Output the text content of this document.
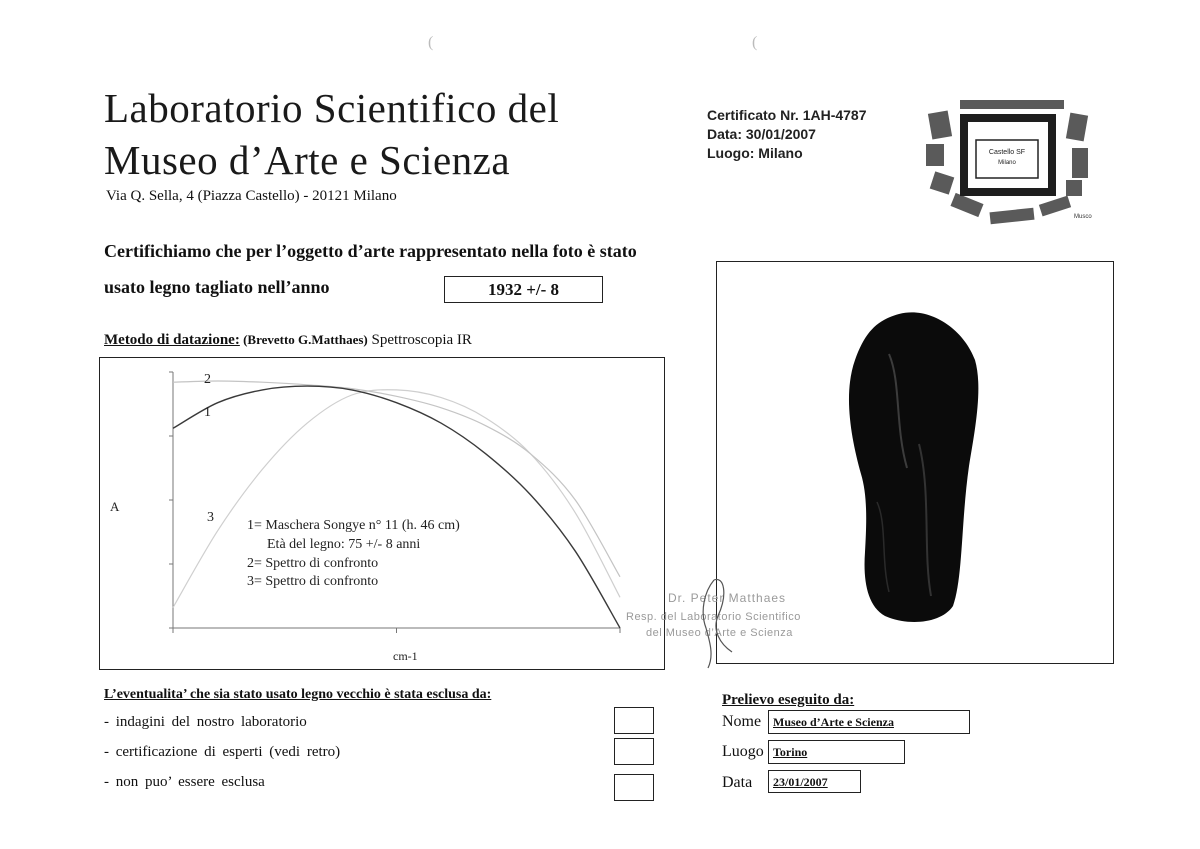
(	(
Laboratorio Scientifico del
Museo d’Arte e Scienza
Via Q. Sella, 4 (Piazza Castello) - 20121 Milano
Certificato Nr. 1AH-4787
Data: 30/01/2007
Luogo: Milano	Castello SF
Milano
Musco
Certifichiamo che per l’oggetto d’arte rappresentato nella foto è stato
usato legno tagliato nell’anno	1932 +/- 8
Metodo di datazione: (Brevetto G.Matthaes) Spettroscopia IR
2
1
3
A
cm-1
1= Maschera Songye n° 11 (h. 46 cm)
Età del legno: 75 +/- 8 anni
2= Spettro di confronto
3= Spettro di confronto
Dr. Peter Matthaes
Resp. del Laboratorio Scientifico
del Museo d’Arte e Scienza
L’eventualita’ che sia stato usato legno vecchio è stata esclusa da:
- indagini del nostro laboratorio
- certificazione di esperti (vedi retro)
- non puo’ essere esclusa
Prelievo eseguito da:
Nome Museo d’Arte e Scienza
Luogo Torino
Data	23/01/2007
